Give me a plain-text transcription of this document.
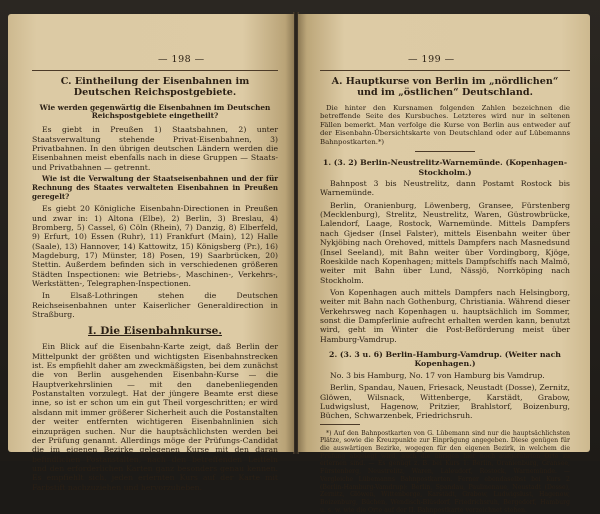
— 198 —
C. Eintheilung der Eisenbahnen im Deutschen Reichspostgebiete.
Wie werden gegenwärtig die Eisenbahnen im Deutschen Reichspostgebiete eingetheilt?
Es giebt in Preußen 1) Staatsbahnen, 2) unter Staatsverwaltung stehende Privat-Eisenbahnen, 3) Privatbahnen. In den übrigen deutschen Ländern werden die Eisenbahnen meist ebenfalls nach in diese Gruppen — Staats- und Privatbahnen — getrennt.
Wie ist die Verwaltung der Staatseisenbahnen und der für Rechnung des Staates verwalteten Eisenbahnen in Preußen geregelt?
Es giebt 20 Königliche Eisenbahn-Directionen in Preußen und zwar in: 1) Altona (Elbe), 2) Berlin, 3) Breslau, 4) Bromberg, 5) Cassel, 6) Cöln (Rhein), 7) Danzig, 8) Elberfeld, 9) Erfurt, 10) Essen (Ruhr), 11) Frankfurt (Main), 12) Halle (Saale), 13) Hannover, 14) Kattowitz, 15) Königsberg (Pr.), 16) Magdeburg, 17) Münster, 18) Posen, 19) Saarbrücken, 20) Stettin. Außerdem befinden sich in verschiedenen größeren Städten Inspectionen: wie Betriebs-, Maschinen-, Verkehrs-, Werkstätten-, Telegraphen-Inspectionen.
In Elsaß-Lothringen stehen die Deutschen Reichseisenbahnen unter Kaiserlicher Generaldirection in Straßburg.
I. Die Eisenbahnkurse.
Ein Blick auf die Eisenbahn-Karte zeigt, daß Berlin der Mittelpunkt der größten und wichtigsten Eisenbahnstrecken ist. Es empfiehlt daher am zweckmäßigsten, bei dem zunächst die von Berlin ausgehenden Eisenbahn-Kurse — die Hauptverkehrslinien — mit den danebenliegenden Postanstalten vorzulegt. Hat der jüngere Beamte erst diese inne, so ist er schon um ein gut Theil vorgeschritten; er wird alsdann mit immer größerer Sicherheit auch die Postanstalten der weiter entfernten wichtigeren Eisenbahnlinien sich einzuprägen suchen. Nur die hauptsächlichsten werden bei der Prüfung genannt. Allerdings möge der Prüfungs-Candidat die im eigenen Bezirke gelegenen Kurse mit den daran befindlichen Postanstalten, nach den betreffenden Leitfeln und den erforderlichen Karten ganz besonders genau kennen. Es empfiehlt sich, jeden erlernten Kurs auf der Karte mit Farbstift nachzuziehen und hervorzuheben.
— 199 —
A. Hauptkurse von Berlin im „nördlichen“ und im „östlichen“ Deutschland.
Die hinter den Kursnamen folgenden Zahlen bezeichnen die betreffende Seite des Kursbuches. Letzteres wird nur in seltenen Fällen bemerkt. Man verfolge die Kurse von Berlin aus entweder auf der Eisenbahn-Übersichtskarte von Deutschland oder auf Lübemanns Bahnpostkarten.*)
1. (3. 2) Berlin-Neustrelitz-Warnemünde. (Kopenhagen-Stockholm.)
Bahnpost 3 bis Neustrelitz, dann Postamt Rostock bis Warnemünde.
Berlin, Oranienburg, Löwenberg, Gransee, Fürstenberg (Mecklenburg), Strelitz, Neustrelitz, Waren, Güstrowbrücke, Lalendorf, Laage, Rostock, Warnemünde. Mittels Dampfers nach Gjedser (Insel Falster), mittels Eisenbahn weiter über Nykjöbing nach Orehoved, mittels Dampfers nach Masnedsund (Insel Seeland), mit Bahn weiter über Vordingborg, Kjöge, Roeskilde nach Kopenhagen; mittels Dampfschiffs nach Malmö, weiter mit Bahn über Lund, Nässjö, Norrköping nach Stockholm.
Von Kopenhagen auch mittels Dampfers nach Helsingborg, weiter mit Bahn nach Gothenburg, Christiania. Während dieser Verkehrsweg nach Kopenhagen u. hauptsächlich im Sommer, sonst die Dampferlinie aufrecht erhalten werden kann, benutzt wird, geht im Winter die Post-Beförderung meist über Hamburg-Vamdrup.
2. (3. 3 u. 6) Berlin-Hamburg-Vamdrup. (Weiter nach Kopenhagen.)
No. 3 bis Hamburg, No. 17 von Hamburg bis Vamdrup.
Berlin, Spandau, Nauen, Friesack, Neustadt (Dosse), Zernitz, Glöwen, Wilsnack, Wittenberge, Karstädt, Grabow, Ludwigslust, Hagenow, Pritzier, Brahlstorf, Boizenburg, Büchen, Schwarzenbek, Friedrichsruh.
*) Auf den Bahnpostkarten von G. Lübemann sind nur die hauptsächlichsten Plätze, sowie die Kreuzpunkte zur Einprägung angegeben. Diese genügen für die auswärtigen Bezirke, wogegen für den eigenen Bezirk, in welchem die Prüfung abgelegt wird, auch die übrigen hier noch aufgeführten Orte zu erlernen sind. — Es genügt z. B. bei Kurs 1: Berlin, Oranienburg, Gransee, Fürstenberg, Neustrelitz, Waren, Laleudorf, Rostock, Warnemünde. — Vergleiche Lübemanns Bahnpostkarten. Ferner ebendaselbst bei Kurs 2 (Berlin-Hamburg-Vamdrup): Berlin, Spandau, Paulinenaue, Neustadt (Dosse), Zernitz, Glöwen, Wittenberge, Karstädt, Grabow, Ludwigslust, Hagenow, Boizenburg, Büchen, Wendisch-Blüsdorf, Friedrichsruh, Bergedorf, Hamburg u. s. w. wie die Orte auf der II. Bahnpostkarte verzeichnet stehen.
